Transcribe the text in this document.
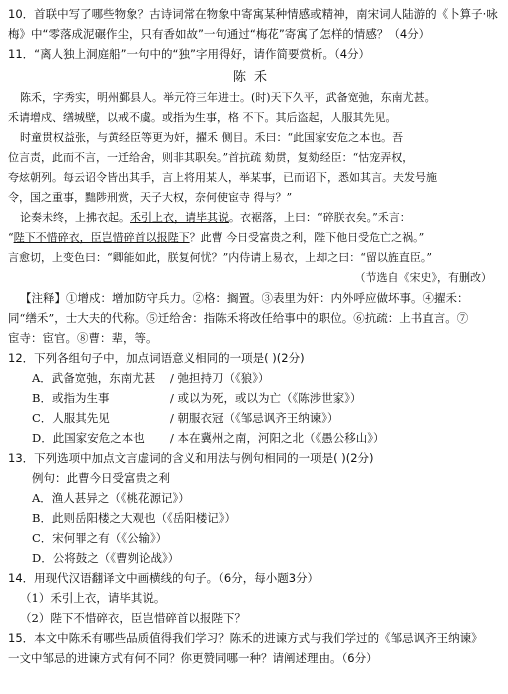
10．首联中写了哪些物象？古诗词常在物象中寄寓某种情感或精神，南宋词人陆游的《卜算子·咏
梅》中“零落成泥碾作尘，只有香如故”一句通过“梅花”寄寓了怎样的情感？（4分）
11．“离人独上洞庭船”一句中的“独”字用得好，请作简要赏析。（4分）
陈禾
陈禾，字秀实，明州鄞县人。举元符三年进士。(时)天下久平，武备宽弛，东南尤甚。
禾请增戍、缮城壁，以戒不虞。或指为生事，格 不下。其后盗起，人服其先见。
时童贯权益张，与黄经臣等更为奸，擢禾 侧目。禾曰：“此国家安危之本也。吾
位言责，此而不言，一迁给舍，则非其职矣。”首抗疏 劾贯，复劾经臣：“怙宠弄权，
夸炫朝列。每云诏令皆出其手，言上将用某人，举某事，已而诏下，悉如其言。夫发号施
令，国之重事，黜陟刑赏，天子大权，奈何使宦寺 得与？”
论奏未终，上拂衣起。禾引上衣，请毕其说。衣裾落，上曰：“碎朕衣矣。”禾言：
“陛下不惜碎衣，臣岂惜碎首以报陛下？此曹 今日受富贵之利，陛下他日受危亡之祸。”
言愈切，上变色曰：“卿能如此，朕复何忧？”内侍请上易衣，上却之曰：“留以旌直臣。”
（节选自《宋史》，有删改）
【注释】①增戍：增加防守兵力。②格：搁置。③表里为奸：内外呼应做坏事。④擢禾：
同“缮禾”，士大夫的代称。⑤迁给舍：指陈禾将改任给事中的职位。⑥抗疏：上书直言。⑦
宦寺：宦官。⑧曹：辈，等。
12．下列各组句子中，加点词语意义相同的一项是( )(2分)
A．武备宽弛，东南尤甚	/ 弛担持刀（《狼》）
B．或指为生事	/ 或以为死，或以为亡（《陈涉世家》）
C．人服其先见	/ 朝服衣冠（《邹忌讽齐王纳谏》）
D．此国家安危之本也	/ 本在冀州之南，河阳之北（《愚公移山》）
13．下列选项中加点文言虚词的含义和用法与例句相同的一项是( )(2分)
例句：此曹今日受富贵之利
A．渔人甚异之（《桃花源记》）
B．此则岳阳楼之大观也（《岳阳楼记》）
C．宋何罪之有（《公输》）
D．公将鼓之（《曹刿论战》）
14．用现代汉语翻译文中画横线的句子。（6分，每小题3分）
（1）禾引上衣，请毕其说。
（2）陛下不惜碎衣，臣岂惜碎首以报陛下？
15．本文中陈禾有哪些品质值得我们学习？陈禾的进谏方式与我们学过的《邹忌讽齐王纳谏》
一文中邹忌的进谏方式有何不同？你更赞同哪一种？请阐述理由。（6分）
